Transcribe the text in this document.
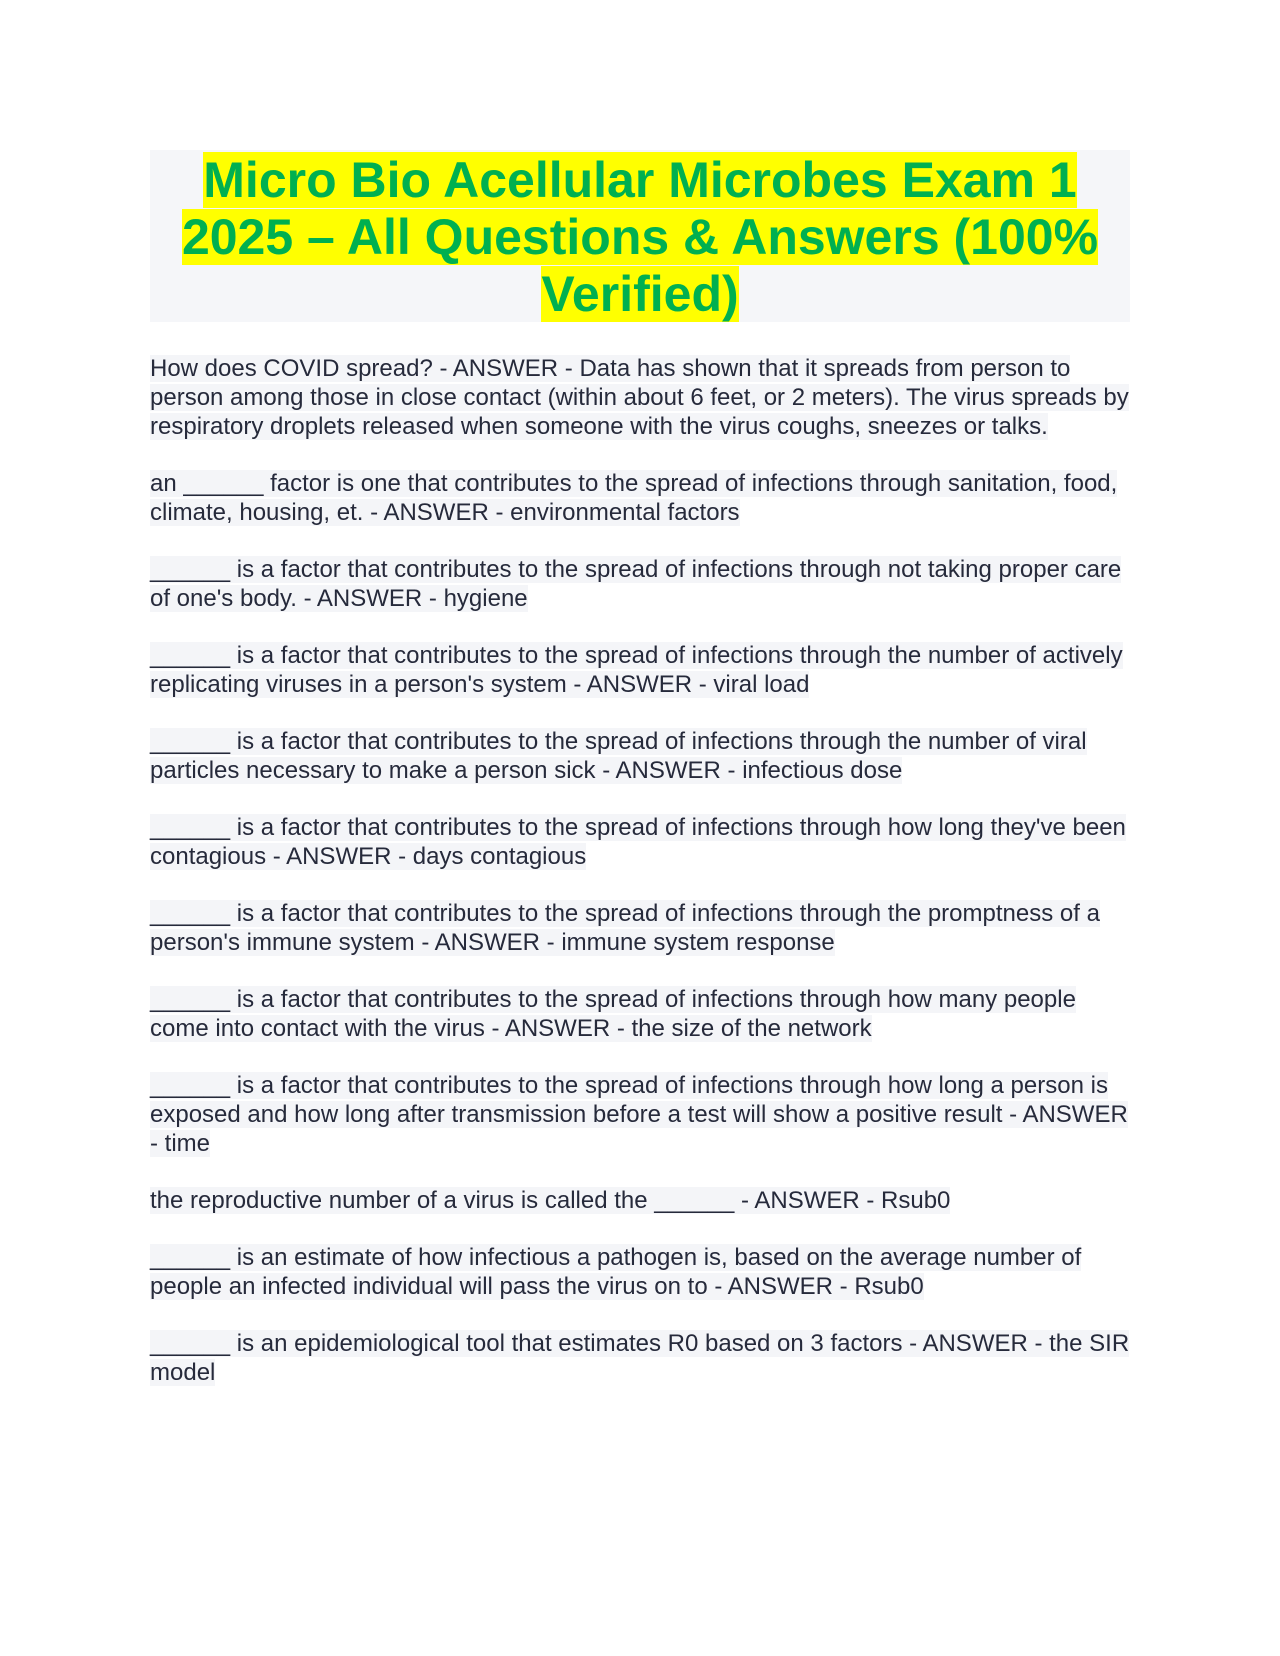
Micro Bio Acellular Microbes Exam 1 2025 – All Questions & Answers (100% Verified)

How does COVID spread? - ANSWER - Data has shown that it spreads from person to person among those in close contact (within about 6 feet, or 2 meters). The virus spreads by respiratory droplets released when someone with the virus coughs, sneezes or talks.

an ______ factor is one that contributes to the spread of infections through sanitation, food, climate, housing, et. - ANSWER - environmental factors

______ is a factor that contributes to the spread of infections through not taking proper care of one's body. - ANSWER - hygiene

______ is a factor that contributes to the spread of infections through the number of actively replicating viruses in a person's system - ANSWER - viral load

______ is a factor that contributes to the spread of infections through the number of viral particles necessary to make a person sick - ANSWER - infectious dose

______ is a factor that contributes to the spread of infections through how long they've been contagious - ANSWER - days contagious

______ is a factor that contributes to the spread of infections through the promptness of a person's immune system - ANSWER - immune system response

______ is a factor that contributes to the spread of infections through how many people come into contact with the virus - ANSWER - the size of the network

______ is a factor that contributes to the spread of infections through how long a person is exposed and how long after transmission before a test will show a positive result - ANSWER - time

the reproductive number of a virus is called the ______ - ANSWER - Rsub0

______ is an estimate of how infectious a pathogen is, based on the average number of people an infected individual will pass the virus on to - ANSWER - Rsub0

______ is an epidemiological tool that estimates R0 based on 3 factors - ANSWER - the SIR model
